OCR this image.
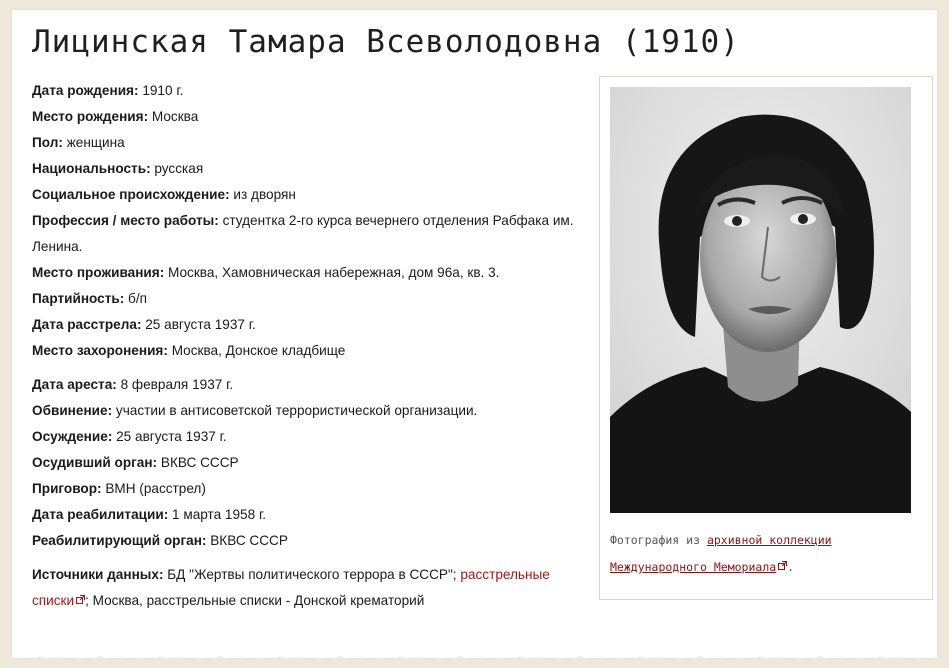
Лицинская Тамара Всеволодовна (1910)
Дата рождения: 1910 г.
Место рождения: Москва
Пол: женщина
Национальность: русская
Социальное происхождение: из дворян
Профессия / место работы: студентка 2-го курса вечернего отделения Рабфака им. Ленина.
Место проживания: Москва, Хамовническая набережная, дом 96а, кв. 3.
Партийность: б/п
Дата расстрела: 25 августа 1937 г.
Место захоронения: Москва, Донское кладбище
Дата ареста: 8 февраля 1937 г.
Обвинение: участии в антисоветской террористической организации.
Осуждение: 25 августа 1937 г.
Осудивший орган: ВКВС СССР
Приговор: ВМН (расстрел)
Дата реабилитации: 1 марта 1958 г.
Реабилитирующий орган: ВКВС СССР
Источники данных: БД "Жертвы политического террора в СССР"; расстрельные списки ; Москва, расстрельные списки - Донской крематорий
Фотография из архивной коллекции Международного Мемориала .
